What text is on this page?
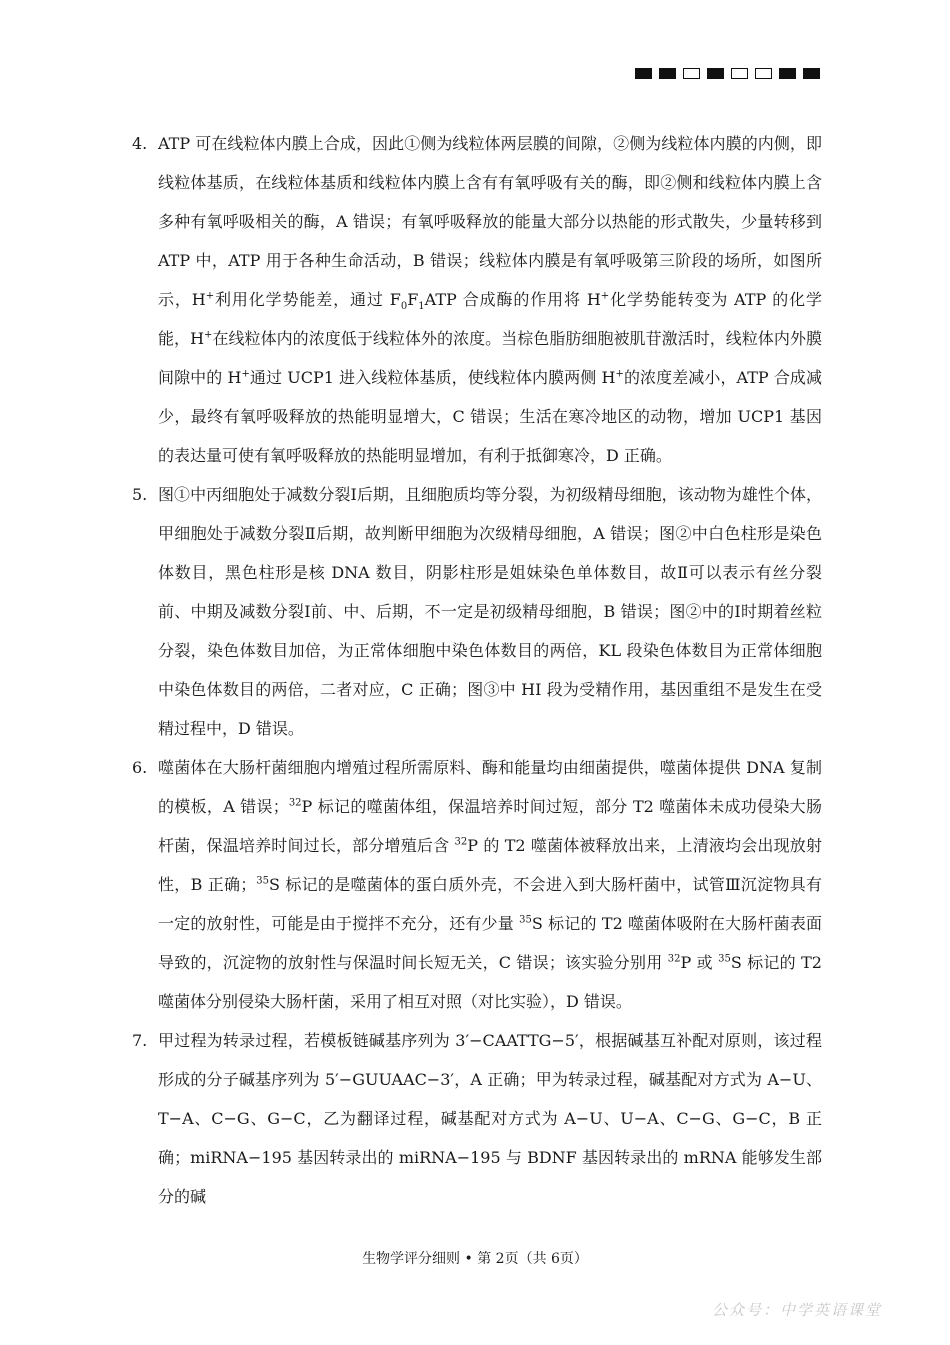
4. ATP 可在线粒体内膜上合成，因此①侧为线粒体两层膜的间隙，②侧为线粒体内膜的内侧，即线粒体基质，在线粒体基质和线粒体内膜上含有有氧呼吸有关的酶，即②侧和线粒体内膜上含多种有氧呼吸相关的酶，A 错误；有氧呼吸释放的能量大部分以热能的形式散失，少量转移到 ATP 中，ATP 用于各种生命活动，B 错误；线粒体内膜是有氧呼吸第三阶段的场所，如图所示，H+利用化学势能差，通过 $F_0F_1ATP$ 合成酶的作用将 H+化学势能转变为 ATP 的化学能，H+在线粒体内的浓度低于线粒体外的浓度。当棕色脂肪细胞被肌苷激活时，线粒体内外膜间隙中的 H+通过 UCP1 进入线粒体基质，使线粒体内膜两侧 H+的浓度差减小，ATP 合成减少，最终有氧呼吸释放的热能明显增大，C 错误；生活在寒冷地区的动物，增加 UCP1 基因的表达量可使有氧呼吸释放的热能明显增加，有利于抵御寒冷，D 正确。
5. 图①中丙细胞处于减数分裂Ⅰ后期，且细胞质均等分裂，为初级精母细胞，该动物为雄性个体，甲细胞处于减数分裂Ⅱ后期，故判断甲细胞为次级精母细胞，A 错误；图②中白色柱形是染色体数目，黑色柱形是核 DNA 数目，阴影柱形是姐妹染色单体数目，故Ⅱ可以表示有丝分裂前、中期及减数分裂Ⅰ前、中、后期，不一定是初级精母细胞，B 错误；图②中的Ⅰ时期着丝粒分裂，染色体数目加倍，为正常体细胞中染色体数目的两倍，KL 段染色体数目为正常体细胞中染色体数目的两倍，二者对应，C 正确；图③中 HI 段为受精作用，基因重组不是发生在受精过程中，D 错误。
6. 噬菌体在大肠杆菌细胞内增殖过程所需原料、酶和能量均由细菌提供，噬菌体提供 DNA 复制的模板，A 错误；$^{32}$P 标记的噬菌体组，保温培养时间过短，部分 T2 噬菌体未成功侵染大肠杆菌，保温培养时间过长，部分增殖后含 $^{32}$P 的 T2 噬菌体被释放出来，上清液均会出现放射性，B 正确；$^{35}$S 标记的是噬菌体的蛋白质外壳，不会进入到大肠杆菌中，试管Ⅲ沉淀物具有一定的放射性，可能是由于搅拌不充分，还有少量 $^{35}$S 标记的 T2 噬菌体吸附在大肠杆菌表面导致的，沉淀物的放射性与保温时间长短无关，C 错误；该实验分别用 $^{32}$P 或 $^{35}$S 标记的 T2 噬菌体分别侵染大肠杆菌，采用了相互对照（对比实验），D 错误。
7. 甲过程为转录过程，若模板链碱基序列为 3′−CAATTG−5′，根据碱基互补配对原则，该过程形成的分子碱基序列为 5′−GUUAAC−3′，A 正确；甲为转录过程，碱基配对方式为 A−U、T−A、C−G、G−C，乙为翻译过程，碱基配对方式为 A−U、U−A、C−G、G−C，B 正确；miRNA−195 基因转录出的 miRNA−195 与 BDNF 基因转录出的 mRNA 能够发生部分的碱
生物学评分细则 • 第 2页（共 6页）
公众号：中学英语课堂
